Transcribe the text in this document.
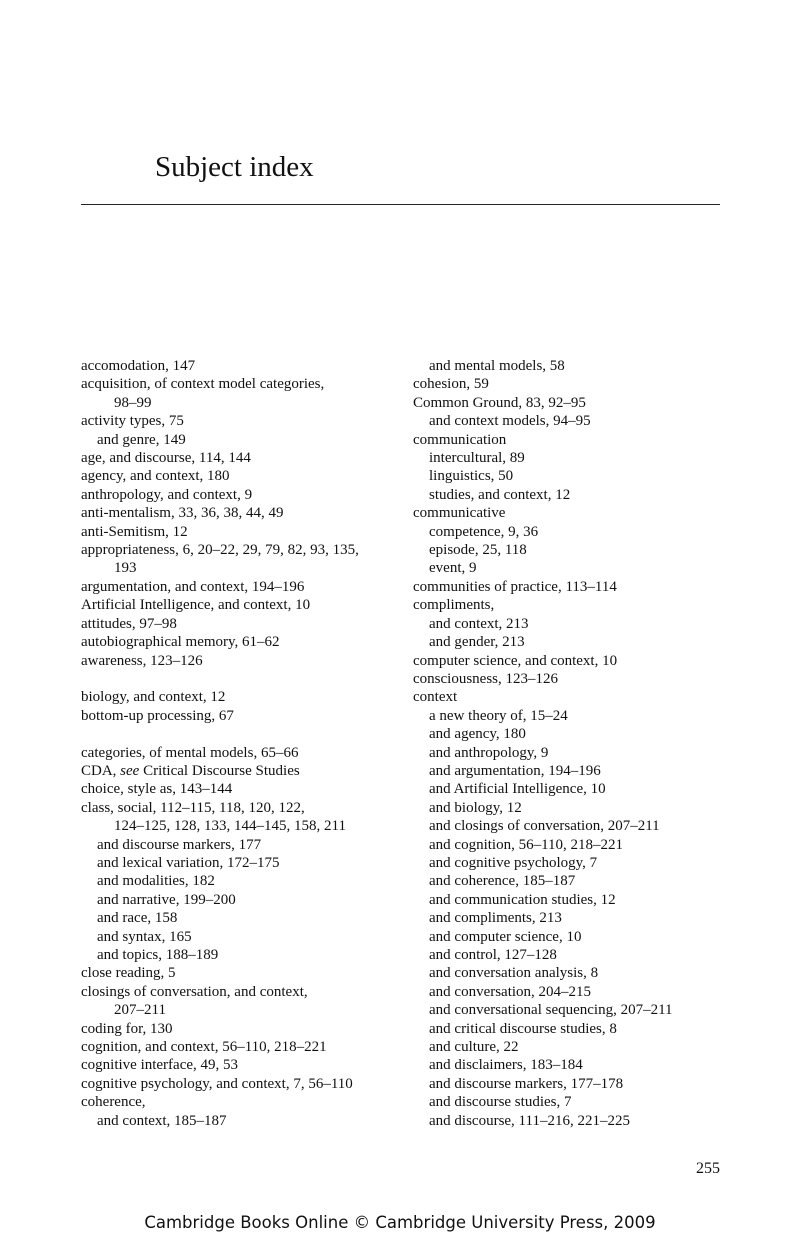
Subject index
accomodation, 147
acquisition, of context model categories,
98–99
activity types, 75
and genre, 149
age, and discourse, 114, 144
agency, and context, 180
anthropology, and context, 9
anti-mentalism, 33, 36, 38, 44, 49
anti-Semitism, 12
appropriateness, 6, 20–22, 29, 79, 82, 93, 135,
193
argumentation, and context, 194–196
Artificial Intelligence, and context, 10
attitudes, 97–98
autobiographical memory, 61–62
awareness, 123–126
biology, and context, 12
bottom-up processing, 67
categories, of mental models, 65–66
CDA, see Critical Discourse Studies
choice, style as, 143–144
class, social, 112–115, 118, 120, 122,
124–125, 128, 133, 144–145, 158, 211
and discourse markers, 177
and lexical variation, 172–175
and modalities, 182
and narrative, 199–200
and race, 158
and syntax, 165
and topics, 188–189
close reading, 5
closings of conversation, and context,
207–211
coding for, 130
cognition, and context, 56–110, 218–221
cognitive interface, 49, 53
cognitive psychology, and context, 7, 56–110
coherence,
and context, 185–187
and mental models, 58
cohesion, 59
Common Ground, 83, 92–95
and context models, 94–95
communication
intercultural, 89
linguistics, 50
studies, and context, 12
communicative
competence, 9, 36
episode, 25, 118
event, 9
communities of practice, 113–114
compliments,
and context, 213
and gender, 213
computer science, and context, 10
consciousness, 123–126
context
a new theory of, 15–24
and agency, 180
and anthropology, 9
and argumentation, 194–196
and Artificial Intelligence, 10
and biology, 12
and closings of conversation, 207–211
and cognition, 56–110, 218–221
and cognitive psychology, 7
and coherence, 185–187
and communication studies, 12
and compliments, 213
and computer science, 10
and control, 127–128
and conversation analysis, 8
and conversation, 204–215
and conversational sequencing, 207–211
and critical discourse studies, 8
and culture, 22
and disclaimers, 183–184
and discourse markers, 177–178
and discourse studies, 7
and discourse, 111–216, 221–225
255
Cambridge Books Online © Cambridge University Press, 2009
